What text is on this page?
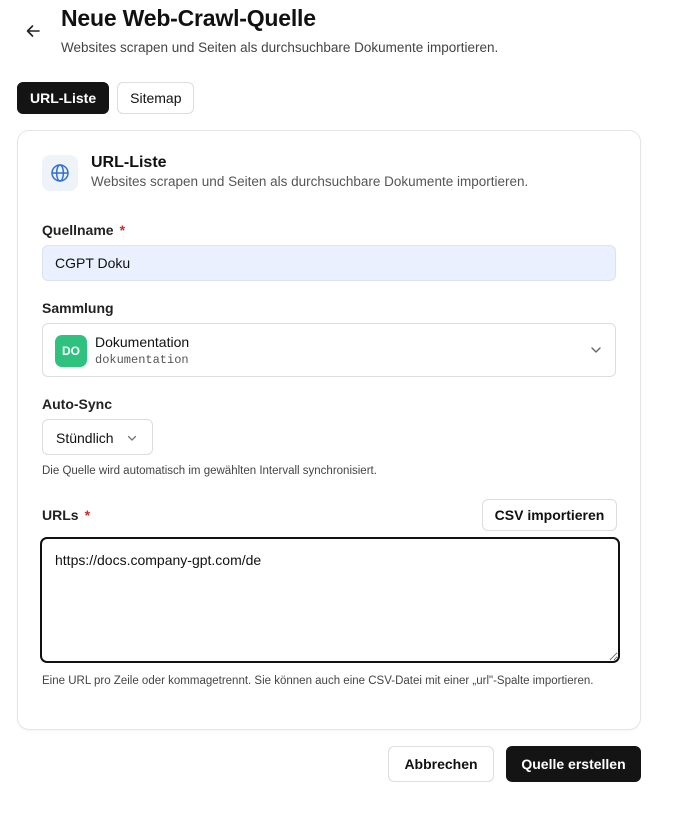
Neue Web-Crawl-Quelle
Websites scrapen und Seiten als durchsuchbare Dokumente importieren.
URL-Liste	Sitemap
URL-Liste
Websites scrapen und Seiten als durchsuchbare Dokumente importieren.
Quellname *
CGPT Doku
Sammlung
DO
Dokumentation
dokumentation
Auto-Sync
Stündlich
Die Quelle wird automatisch im gewählten Intervall synchronisiert.
URLs *	CSV importieren
https://docs.company-gpt.com/de
Eine URL pro Zeile oder kommagetrennt. Sie können auch eine CSV-Datei mit einer „url"-Spalte importieren.
Abbrechen	Quelle erstellen
